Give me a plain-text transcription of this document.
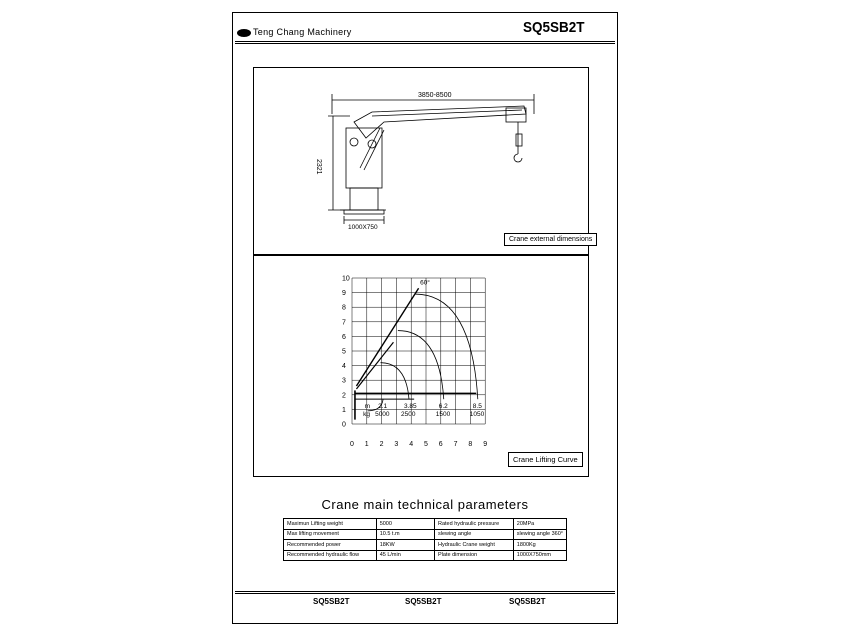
Teng Chang Machinery	SQ5SB2T
3850-8500
2321
1000X750
Crane external dimensions
0 1 2 3 4 5 6 7 8 9
0
1
2
3
4
5
6
7
8
9
10
m
kg
2.1
5000
3.85
2500
6.2
1500
8.5
1050
60°
Crane Lifting Curve
Crane main technical parameters
Maximun Lifting weight	5000	Rated hydraulic pressure	20MPa
Max lifting movement	10.5 t.m	slewing angle	slewing angle 360°
Recommended power	18KW	Hydraulic Crane weight	1800Kg
Recommended hydraulic flow	45 L/min	Plate dimension	1000X750mm
SQ5SB2T	SQ5SB2T	SQ5SB2T
